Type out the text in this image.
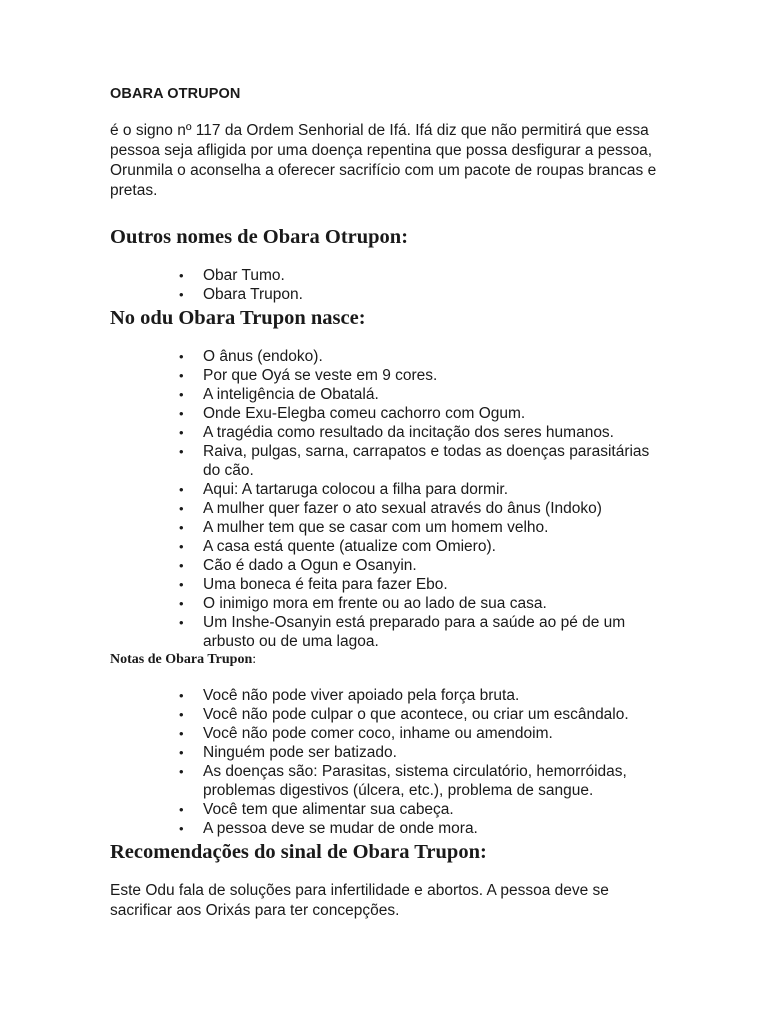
OBARA OTRUPON

é o signo nº 117 da Ordem Senhorial de Ifá. Ifá diz que não permitirá que essa pessoa seja afligida por uma doença repentina que possa desfigurar a pessoa, Orunmila o aconselha a oferecer sacrifício com um pacote de roupas brancas e pretas.

Outros nomes de Obara Otrupon:
• Obar Tumo.
• Obara Trupon.
No odu Obara Trupon nasce:
• O ânus (endoko).
• Por que Oyá se veste em 9 cores.
• A inteligência de Obatalá.
• Onde Exu-Elegba comeu cachorro com Ogum.
• A tragédia como resultado da incitação dos seres humanos.
• Raiva, pulgas, sarna, carrapatos e todas as doenças parasitárias do cão.
• Aqui: A tartaruga colocou a filha para dormir.
• A mulher quer fazer o ato sexual através do ânus (Indoko)
• A mulher tem que se casar com um homem velho.
• A casa está quente (atualize com Omiero).
• Cão é dado a Ogun e Osanyin.
• Uma boneca é feita para fazer Ebo.
• O inimigo mora em frente ou ao lado de sua casa.
• Um Inshe-Osanyin está preparado para a saúde ao pé de um arbusto ou de uma lagoa.
Notas de Obara Trupon:
• Você não pode viver apoiado pela força bruta.
• Você não pode culpar o que acontece, ou criar um escândalo.
• Você não pode comer coco, inhame ou amendoim.
• Ninguém pode ser batizado.
• As doenças são: Parasitas, sistema circulatório, hemorróidas, problemas digestivos (úlcera, etc.), problema de sangue.
• Você tem que alimentar sua cabeça.
• A pessoa deve se mudar de onde mora.
Recomendações do sinal de Obara Trupon:

Este Odu fala de soluções para infertilidade e abortos. A pessoa deve se sacrificar aos Orixás para ter concepções.
